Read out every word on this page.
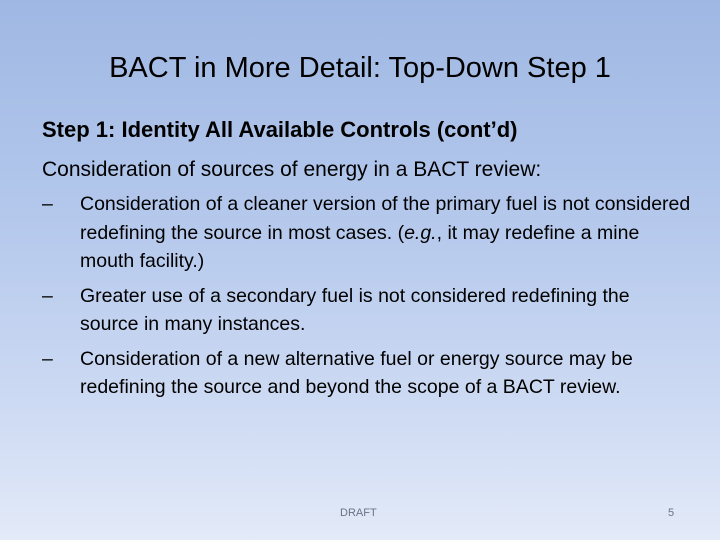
BACT in More Detail: Top-Down Step 1
Step 1: Identity All Available Controls (cont’d)
Consideration of sources of energy in a BACT review:
–	Consideration of a cleaner version of the primary fuel is not considered redefining the source in most cases. (e.g., it may redefine a mine mouth facility.)
–	Greater use of a secondary fuel is not considered redefining the source in many instances.
–	Consideration of a new alternative fuel or energy source may be redefining the source and beyond the scope of a BACT review.
DRAFT	5
